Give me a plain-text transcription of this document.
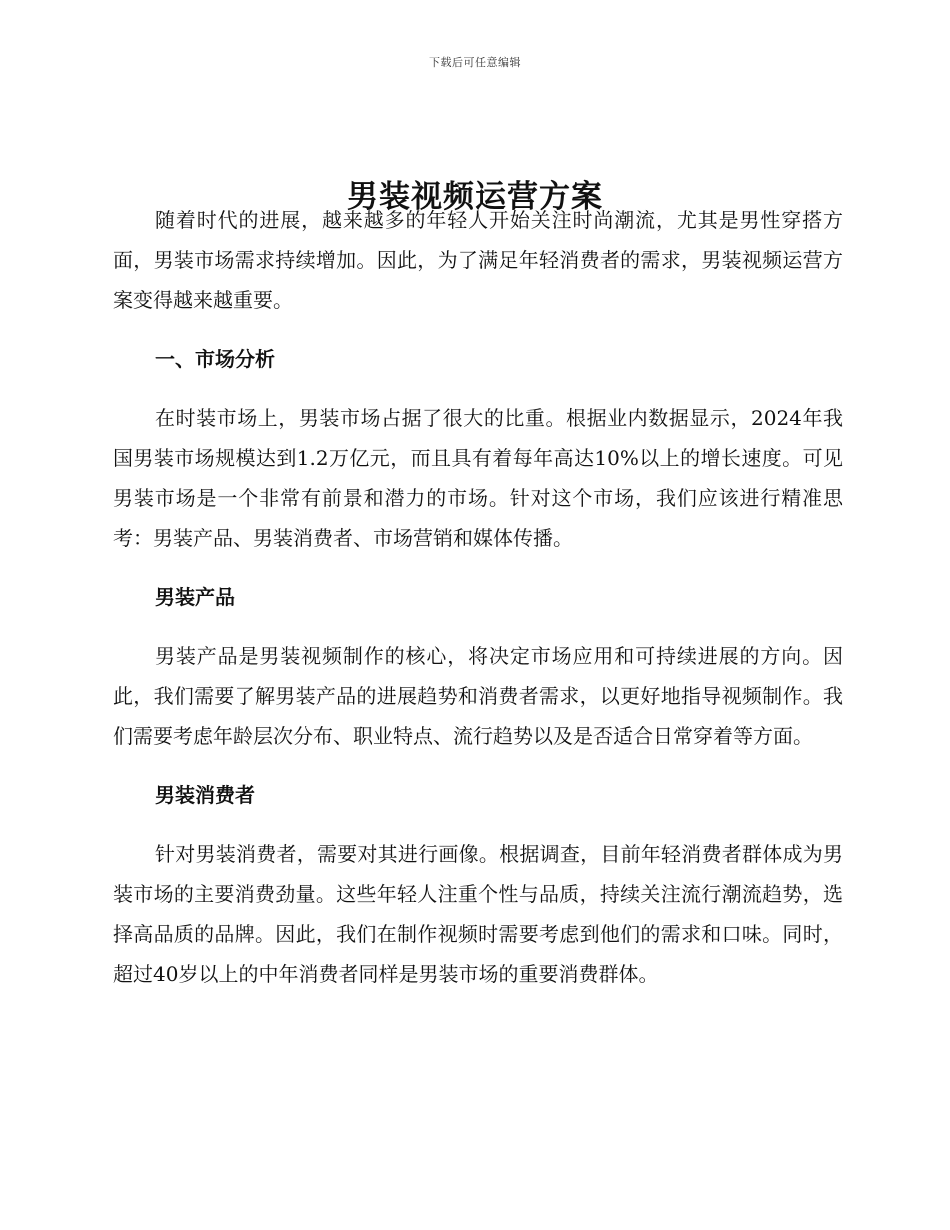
下载后可任意编辑
男装视频运营方案

随着时代的进展，越来越多的年轻人开始关注时尚潮流，尤其是男性穿搭方面，男装市场需求持续增加。因此，为了满足年轻消费者的需求，男装视频运营方案变得越来越重要。

一、市场分析

在时装市场上，男装市场占据了很大的比重。根据业内数据显示，2024年我国男装市场规模达到1.2万亿元，而且具有着每年高达10%以上的增长速度。可见男装市场是一个非常有前景和潜力的市场。针对这个市场，我们应该进行精准思考：男装产品、男装消费者、市场营销和媒体传播。

男装产品

男装产品是男装视频制作的核心，将决定市场应用和可持续进展的方向。因此，我们需要了解男装产品的进展趋势和消费者需求，以更好地指导视频制作。我们需要考虑年龄层次分布、职业特点、流行趋势以及是否适合日常穿着等方面。

男装消费者

针对男装消费者，需要对其进行画像。根据调查，目前年轻消费者群体成为男装市场的主要消费劲量。这些年轻人注重个性与品质，持续关注流行潮流趋势，选择高品质的品牌。因此，我们在制作视频时需要考虑到他们的需求和口味。同时，超过40岁以上的中年消费者同样是男装市场的重要消费群体。
